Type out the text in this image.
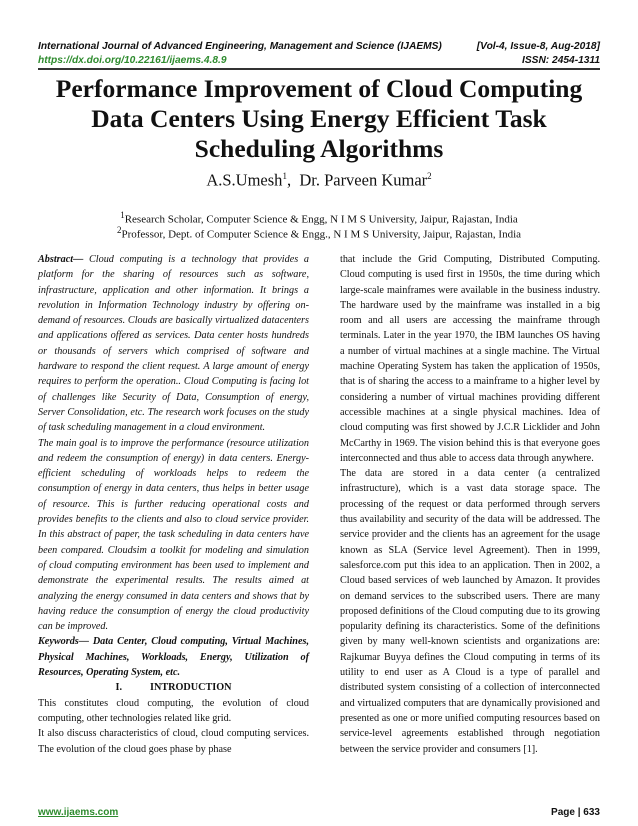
International Journal of Advanced Engineering, Management and Science (IJAEMS)	[Vol-4, Issue-8, Aug-2018]
https://dx.doi.org/10.22161/ijaems.4.8.9	ISSN: 2454-1311
Performance Improvement of Cloud Computing
Data Centers Using Energy Efficient Task
Scheduling Algorithms
A.S.Umesh$^1$,  Dr. Parveen Kumar$^2$
$^1$Research Scholar, Computer Science & Engg, N I M S University, Jaipur, Rajastan, India
$^2$Professor, Dept. of Computer Science & Engg., N I M S University, Jaipur, Rajastan, India

Abstract— Cloud computing is a technology that provides a platform for the sharing of resources such as software, infrastructure, application and other information. It brings a revolution in Information Technology industry by offering on-demand of resources. Clouds are basically virtualized datacenters and applications offered as services. Data center hosts hundreds or thousands of servers which comprised of software and hardware to respond the client request. A large amount of energy requires to perform the operation.. Cloud Computing is facing lot of challenges like Security of Data, Consumption of energy, Server Consolidation, etc. The research work focuses on the study of task scheduling management in a cloud environment.

The main goal is to improve the performance (resource utilization and redeem the consumption of energy) in data centers. Energy-efficient scheduling of workloads helps to redeem the consumption of energy in data centers, thus helps in better usage of resource. This is further reducing operational costs and provides benefits to the clients and also to cloud service provider. In this abstract of paper, the task scheduling in data centers have been compared. Cloudsim a toolkit for modeling and simulation of cloud computing environment has been used to implement and demonstrate the experimental results. The results aimed at analyzing the energy consumed in data centers and shows that by having reduce the consumption of energy the cloud productivity can be improved.

Keywords— Data Center, Cloud computing, Virtual Machines, Physical Machines, Workloads, Energy, Utilization of Resources, Operating System, etc.

I.	INTRODUCTION

This constitutes cloud computing, the evolution of cloud computing, other technologies related like grid.

It also discuss characteristics of cloud, cloud computing services. The evolution of the cloud goes phase by phase

that include the Grid Computing, Distributed Computing. Cloud computing is used first in 1950s, the time during which large-scale mainframes were available in the business industry. The hardware used by the mainframe was installed in a big room and all users are accessing the mainframe through terminals. Later in the year 1970, the IBM launches OS having a number of virtual machines at a single machine. The Virtual machine Operating System has taken the application of 1950s, that is of sharing the access to a mainframe to a higher level by considering a number of virtual machines providing different accessible machines at a single physical machines. Idea of cloud computing was first showed by J.C.R Licklider and John McCarthy in 1969. The vision behind this is that everyone goes interconnected and thus able to access data through anywhere.

The data are stored in a data center (a centralized infrastructure), which is a vast data storage space. The processing of the request or data performed through servers thus availability and security of the data will be addressed. The service provider and the clients has an agreement for the usage known as SLA (Service level Agreement). Then in 1999, salesforce.com put this idea to an application. Then in 2002, a Cloud based services of web launched by Amazon. It provides on demand services to the subscribed users. There are many proposed definitions of the Cloud computing due to its growing popularity defining its characteristics. Some of the definitions given by many well-known scientists and organizations are: Rajkumar Buyya defines the Cloud computing in terms of its utility to end user as A Cloud is a type of parallel and distributed system consisting of a collection of interconnected and virtualized computers that are dynamically provisioned and presented as one or more unified computing resources based on service-level agreements established through negotiation between the service provider and consumers [1].

www.ijaems.com	Page | 633
